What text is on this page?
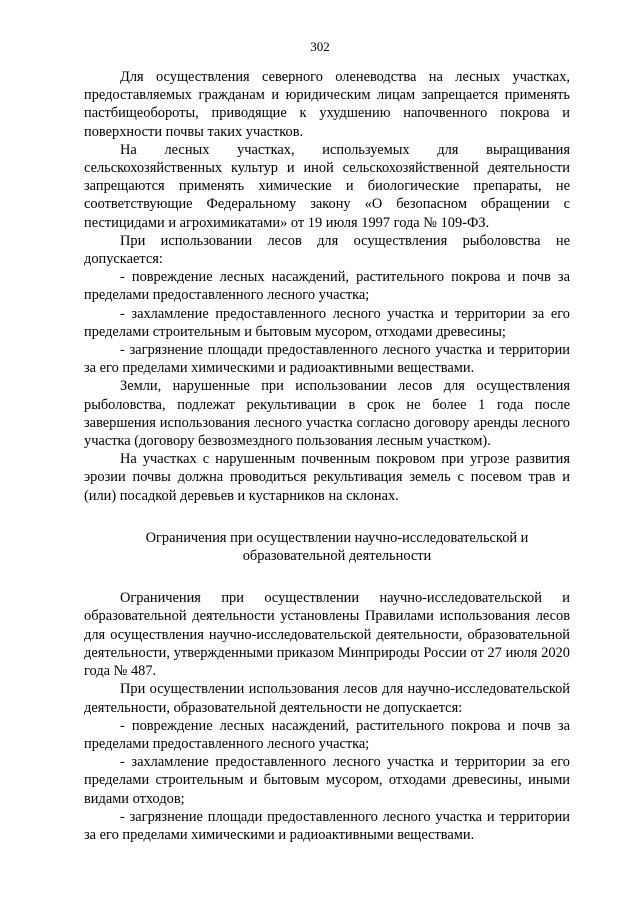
302

Для осуществления северного оленеводства на лесных участках, предоставляемых гражданам и юридическим лицам запрещается применять пастбищеобороты, приводящие к ухудшению напочвенного покрова и поверхности почвы таких участков.

На лесных участках, используемых для выращивания сельскохозяйственных культур и иной сельскохозяйственной деятельности запрещаются применять химические и биологические препараты, не соответствующие Федеральному закону «О безопасном обращении с пестицидами и агрохимикатами» от 19 июля 1997 года № 109-ФЗ.

При использовании лесов для осуществления рыболовства не допускается:

- повреждение лесных насаждений, растительного покрова и почв за пределами предоставленного лесного участка;

- захламление предоставленного лесного участка и территории за его пределами строительным и бытовым мусором, отходами древесины;

- загрязнение площади предоставленного лесного участка и территории за его пределами химическими и радиоактивными веществами.

Земли, нарушенные при использовании лесов для осуществления рыболовства, подлежат рекультивации в срок не более 1 года после завершения использования лесного участка согласно договору аренды лесного участка (договору безвозмездного пользования лесным участком).

На участках с нарушенным почвенным покровом при угрозе развития эрозии почвы должна проводиться рекультивация земель с посевом трав и (или) посадкой деревьев и кустарников на склонах.

Ограничения при осуществлении научно-исследовательской и образовательной деятельности

Ограничения при осуществлении научно-исследовательской и образовательной деятельности установлены Правилами использования лесов для осуществления научно-исследовательской деятельности, образовательной деятельности, утвержденными приказом Минприроды России от 27 июля 2020 года № 487.

При осуществлении использования лесов для научно-исследовательской деятельности, образовательной деятельности не допускается:

- повреждение лесных насаждений, растительного покрова и почв за пределами предоставленного лесного участка;

- захламление предоставленного лесного участка и территории за его пределами строительным и бытовым мусором, отходами древесины, иными видами отходов;

- загрязнение площади предоставленного лесного участка и территории за его пределами химическими и радиоактивными веществами.
